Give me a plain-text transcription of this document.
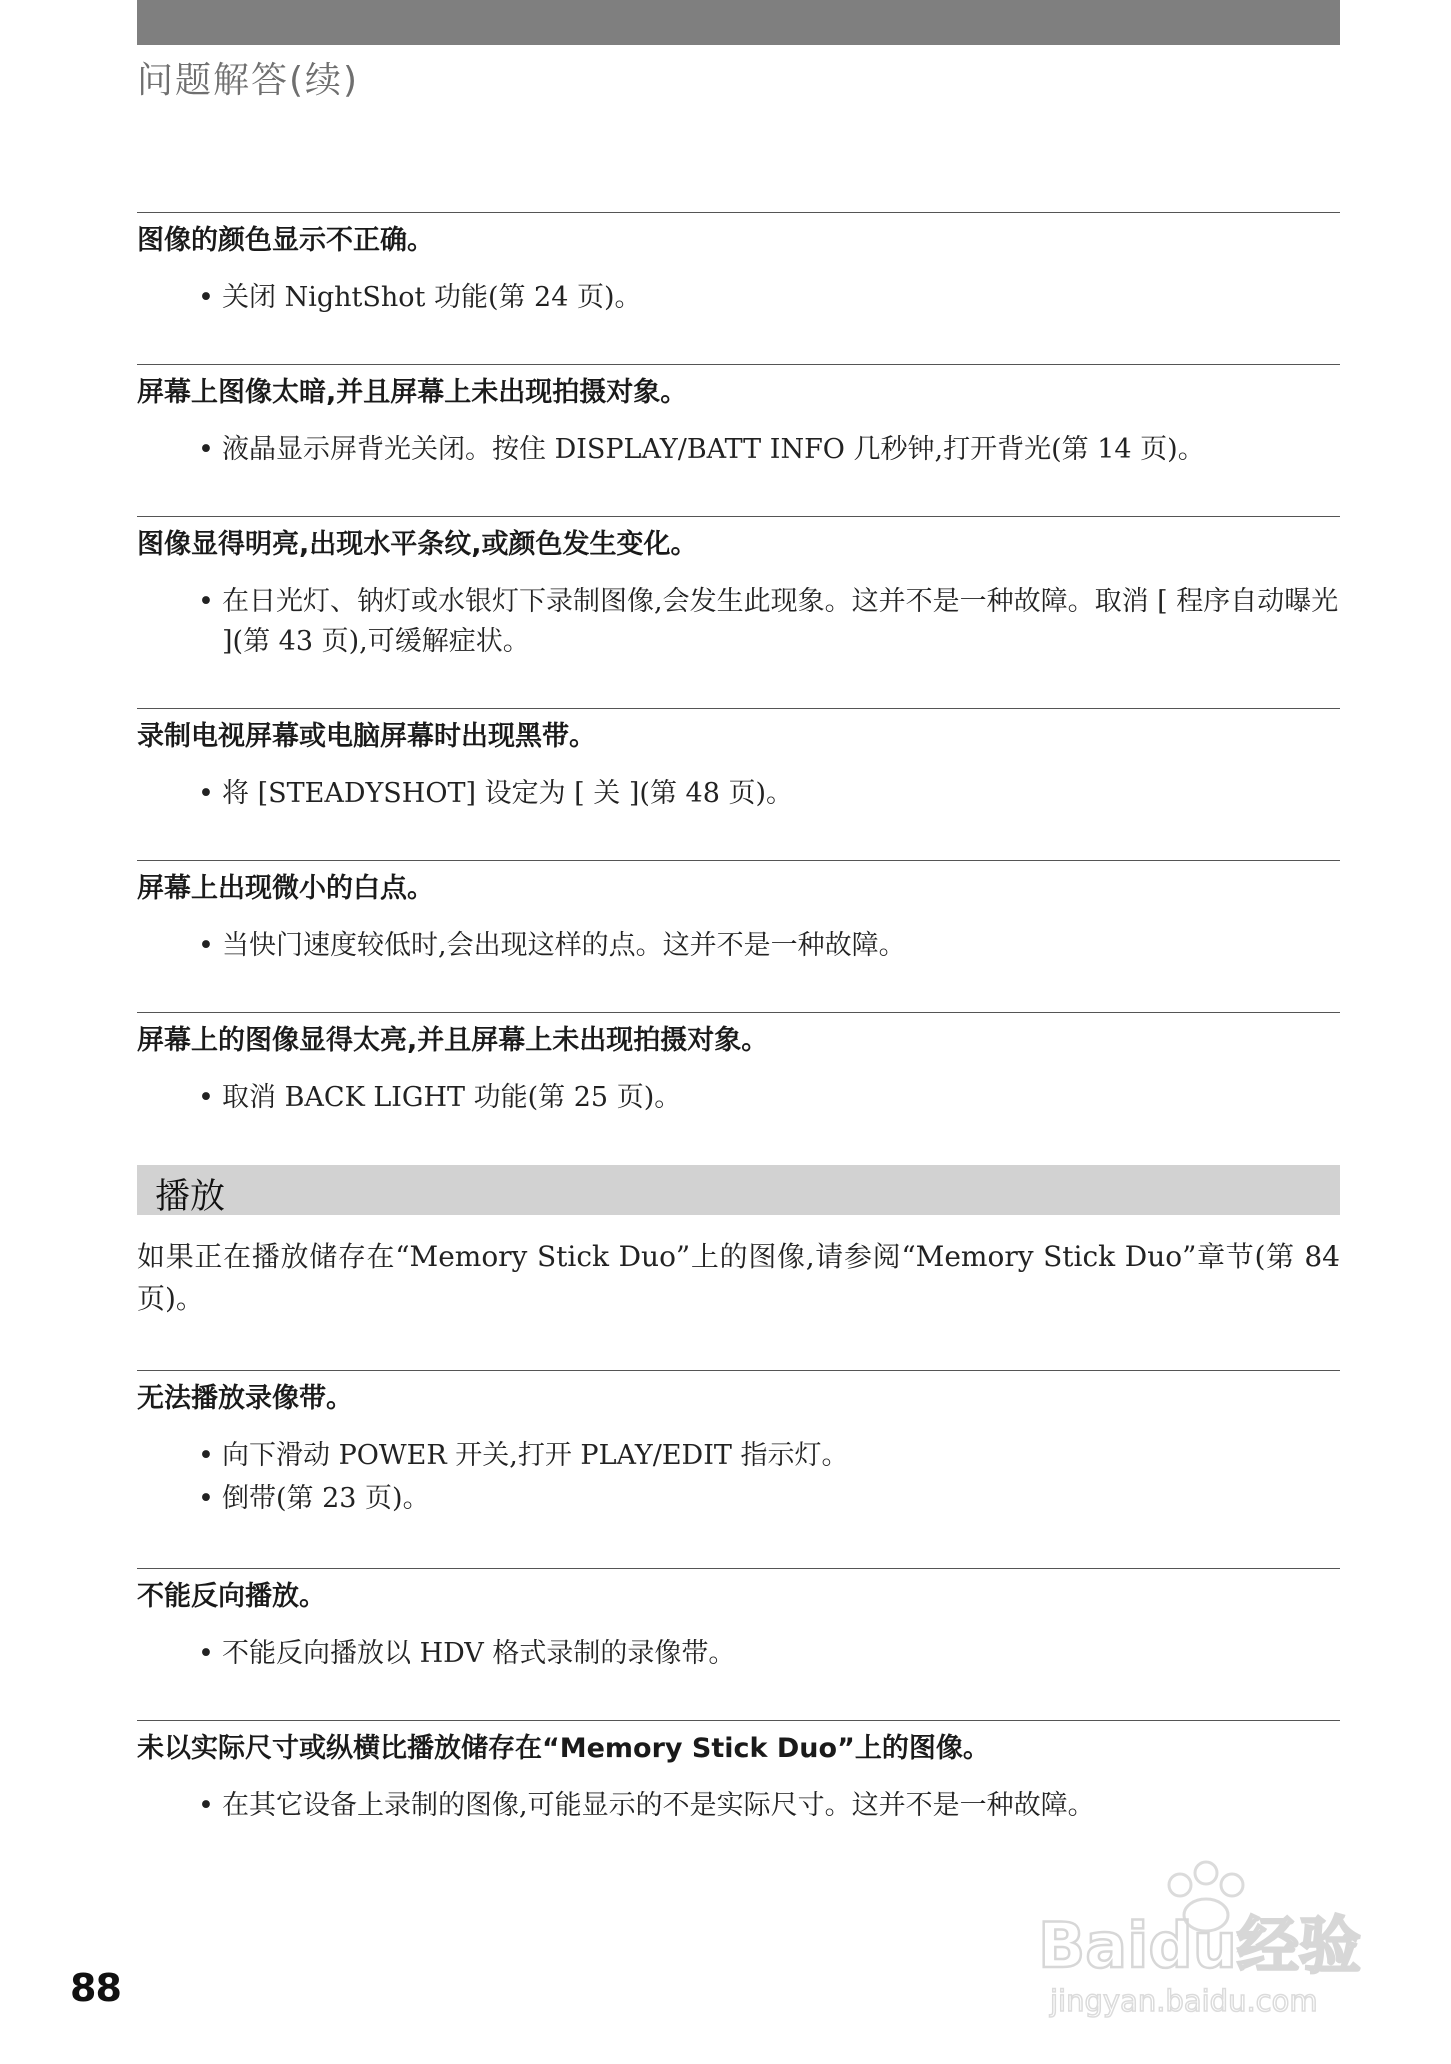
问题解答(续)
图像的颜色显示不正确。
• 关闭 NightShot 功能(第 24 页)。
屏幕上图像太暗,并且屏幕上未出现拍摄对象。
• 液晶显示屏背光关闭。按住 DISPLAY/BATT INFO 几秒钟,打开背光(第 14 页)。
图像显得明亮,出现水平条纹,或颜色发生变化。
• 在日光灯、钠灯或水银灯下录制图像,会发生此现象。这并不是一种故障。取消 [ 程序自动曝光 ](第 43 页),可缓解症状。
录制电视屏幕或电脑屏幕时出现黑带。
• 将 [STEADYSHOT] 设定为 [ 关 ](第 48 页)。
屏幕上出现微小的白点。
• 当快门速度较低时,会出现这样的点。这并不是一种故障。
屏幕上的图像显得太亮,并且屏幕上未出现拍摄对象。
• 取消 BACK LIGHT 功能(第 25 页)。
播放
如果正在播放储存在“Memory Stick Duo”上的图像,请参阅“Memory Stick Duo”章节(第 84 页)。
无法播放录像带。
• 向下滑动 POWER 开关,打开 PLAY/EDIT 指示灯。
• 倒带(第 23 页)。
不能反向播放。
• 不能反向播放以 HDV 格式录制的录像带。
未以实际尺寸或纵横比播放储存在“Memory Stick Duo”上的图像。
• 在其它设备上录制的图像,可能显示的不是实际尺寸。这并不是一种故障。
88
Baidu经验
jingyan.baidu.com
